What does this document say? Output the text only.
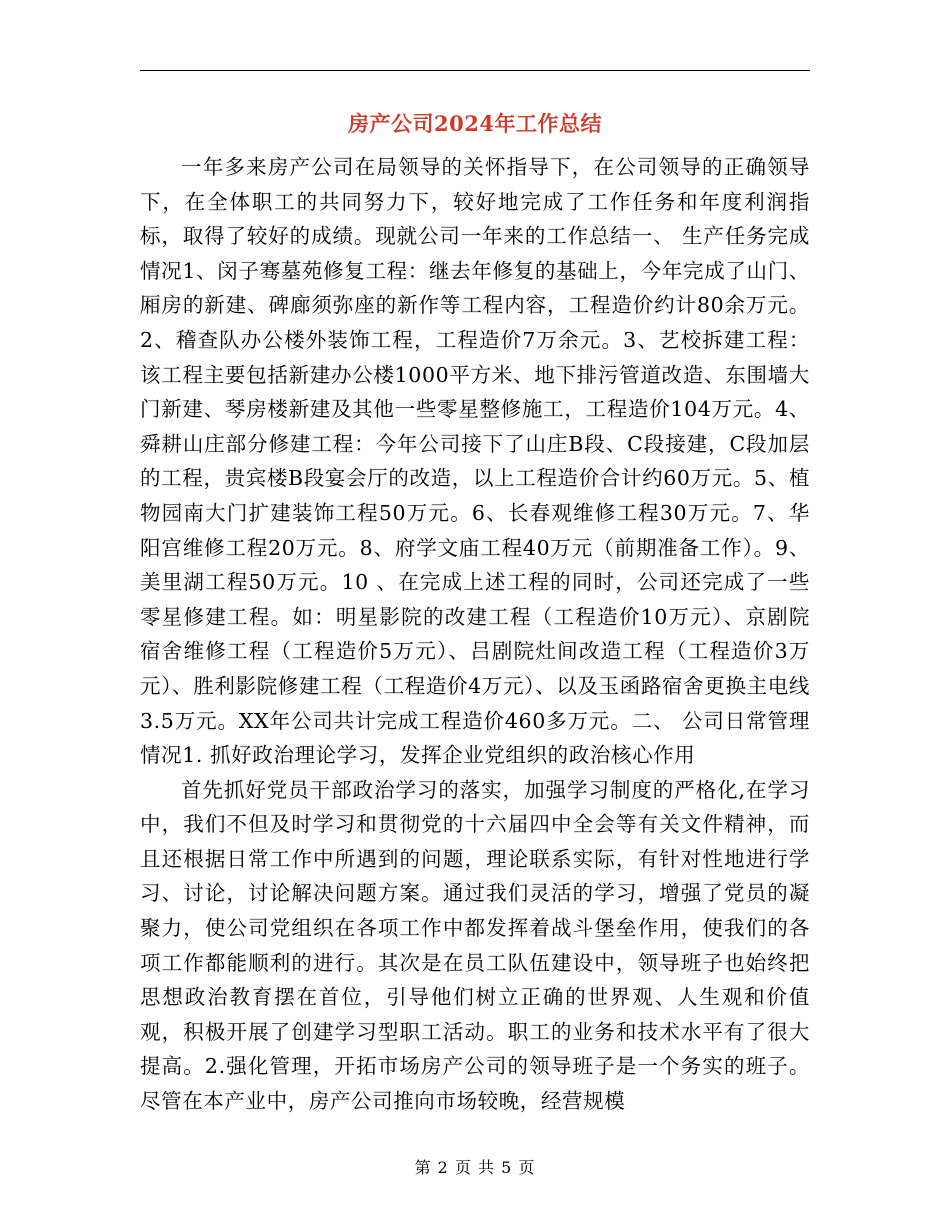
房产公司2024年工作总结

一年多来房产公司在局领导的关怀指导下，在公司领导的正确领导下，在全体职工的共同努力下，较好地完成了工作任务和年度利润指标，取得了较好的成绩。现就公司一年来的工作总结一、 生产任务完成情况1、闵子骞墓苑修复工程：继去年修复的基础上，今年完成了山门、厢房的新建、碑廊须弥座的新作等工程内容，工程造价约计80余万元。2、稽查队办公楼外装饰工程，工程造价7万余元。3、艺校拆建工程：该工程主要包括新建办公楼1000平方米、地下排污管道改造、东围墙大门新建、琴房楼新建及其他一些零星整修施工，工程造价104万元。4、舜耕山庄部分修建工程：今年公司接下了山庄B段、C段接建，C段加层的工程，贵宾楼B段宴会厅的改造，以上工程造价合计约60万元。5、植物园南大门扩建装饰工程50万元。6、长春观维修工程30万元。7、华阳宫维修工程20万元。8、府学文庙工程40万元（前期准备工作）。9、美里湖工程50万元。10 、在完成上述工程的同时，公司还完成了一些零星修建工程。如：明星影院的改建工程（工程造价10万元）、京剧院宿舍维修工程（工程造价5万元）、吕剧院灶间改造工程（工程造价3万元）、胜利影院修建工程（工程造价4万元）、以及玉函路宿舍更换主电线3.5万元。XX年公司共计完成工程造价460多万元。二、 公司日常管理情况1. 抓好政治理论学习，发挥企业党组织的政治核心作用

首先抓好党员干部政治学习的落实，加强学习制度的严格化,在学习中，我们不但及时学习和贯彻党的十六届四中全会等有关文件精神，而且还根据日常工作中所遇到的问题，理论联系实际，有针对性地进行学习、讨论，讨论解决问题方案。通过我们灵活的学习，增强了党员的凝聚力，使公司党组织在各项工作中都发挥着战斗堡垒作用，使我们的各项工作都能顺利的进行。其次是在员工队伍建设中，领导班子也始终把思想政治教育摆在首位，引导他们树立正确的世界观、人生观和价值观，积极开展了创建学习型职工活动。职工的业务和技术水平有了很大提高。2.强化管理，开拓市场房产公司的领导班子是一个务实的班子。尽管在本产业中，房产公司推向市场较晚，经营规模

第 2 页 共 5 页
